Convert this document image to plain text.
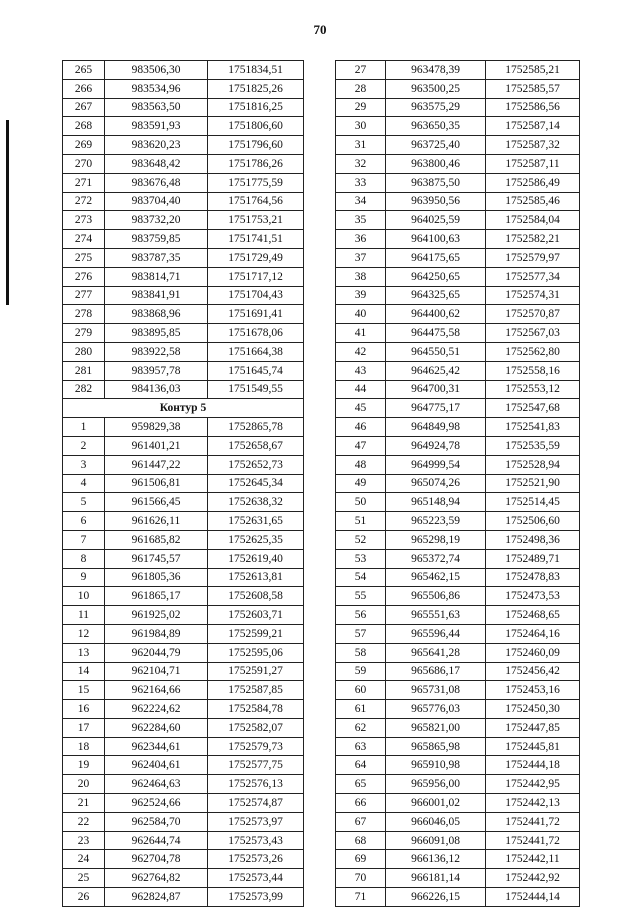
70
265	983506,30	1751834,51
266	983534,96	1751825,26
267	983563,50	1751816,25
268	983591,93	1751806,60
269	983620,23	1751796,60
270	983648,42	1751786,26
271	983676,48	1751775,59
272	983704,40	1751764,56
273	983732,20	1751753,21
274	983759,85	1751741,51
275	983787,35	1751729,49
276	983814,71	1751717,12
277	983841,91	1751704,43
278	983868,96	1751691,41
279	983895,85	1751678,06
280	983922,58	1751664,38
281	983957,78	1751645,74
282	984136,03	1751549,55
Контур 5		
1	959829,38	1752865,78
2	961401,21	1752658,67
3	961447,22	1752652,73
4	961506,81	1752645,34
5	961566,45	1752638,32
6	961626,11	1752631,65
7	961685,82	1752625,35
8	961745,57	1752619,40
9	961805,36	1752613,81
10	961865,17	1752608,58
11	961925,02	1752603,71
12	961984,89	1752599,21
13	962044,79	1752595,06
14	962104,71	1752591,27
15	962164,66	1752587,85
16	962224,62	1752584,78
17	962284,60	1752582,07
18	962344,61	1752579,73
19	962404,61	1752577,75
20	962464,63	1752576,13
21	962524,66	1752574,87
22	962584,70	1752573,97
23	962644,74	1752573,43
24	962704,78	1752573,26
25	962764,82	1752573,44
26	962824,87	1752573,99
27	963478,39	1752585,21
28	963500,25	1752585,57
29	963575,29	1752586,56
30	963650,35	1752587,14
31	963725,40	1752587,32
32	963800,46	1752587,11
33	963875,50	1752586,49
34	963950,56	1752585,46
35	964025,59	1752584,04
36	964100,63	1752582,21
37	964175,65	1752579,97
38	964250,65	1752577,34
39	964325,65	1752574,31
40	964400,62	1752570,87
41	964475,58	1752567,03
42	964550,51	1752562,80
43	964625,42	1752558,16
44	964700,31	1752553,12
45	964775,17	1752547,68
46	964849,98	1752541,83
47	964924,78	1752535,59
48	964999,54	1752528,94
49	965074,26	1752521,90
50	965148,94	1752514,45
51	965223,59	1752506,60
52	965298,19	1752498,36
53	965372,74	1752489,71
54	965462,15	1752478,83
55	965506,86	1752473,53
56	965551,63	1752468,65
57	965596,44	1752464,16
58	965641,28	1752460,09
59	965686,17	1752456,42
60	965731,08	1752453,16
61	965776,03	1752450,30
62	965821,00	1752447,85
63	965865,98	1752445,81
64	965910,98	1752444,18
65	965956,00	1752442,95
66	966001,02	1752442,13
67	966046,05	1752441,72
68	966091,08	1752441,72
69	966136,12	1752442,11
70	966181,14	1752442,92
71	966226,15	1752444,14
